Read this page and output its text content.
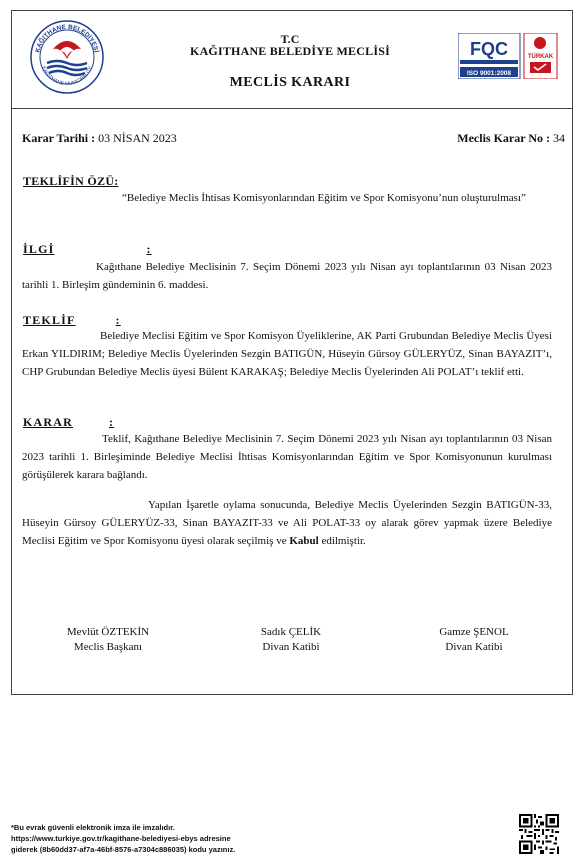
KAĞITHANE BELEDİYESİ
KAĞITHANE MUNICIPALITY
T.C
KAĞITHANE BELEDİYE MECLİSİ
MECLİS KARARI
FQC
ISO 9001:2008
TÜRKAK
Karar Tarihi : 03 NİSAN 2023	Meclis Karar No : 34
TEKLİFİN ÖZÜ:
“Belediye Meclis İhtisas Komisyonlarından Eğitim ve Spor Komisyonu’nun oluşturulması”
İLGİ	:
Kağıthane Belediye Meclisinin 7. Seçim Dönemi 2023 yılı Nisan ayı toplantılarının 03 Nisan 2023 tarihli 1. Birleşim gündeminin 6. maddesi.
TEKLİF	:
Belediye Meclisi Eğitim ve Spor Komisyon Üyeliklerine, AK Parti Grubundan Belediye Meclis Üyesi Erkan YILDIRIM; Belediye Meclis Üyelerinden Sezgin BATIGÜN, Hüseyin Gürsoy GÜLERYÜZ, Sinan BAYAZIT’ı, CHP Grubundan Belediye Meclis üyesi Bülent KARAKAŞ; Belediye Meclis Üyelerinden Ali POLAT’ı teklif etti.
KARAR	:
Teklif, Kağıthane Belediye Meclisinin 7. Seçim Dönemi 2023 yılı Nisan ayı toplantılarının 03 Nisan 2023 tarihli 1. Birleşiminde Belediye Meclisi İhtisas Komisyonlarından Eğitim ve Spor Komisyonunun kurulması görüşülerek karara bağlandı.
Yapılan İşaretle oylama sonucunda, Belediye Meclis Üyelerinden Sezgin BATIGÜN-33, Hüseyin Gürsoy GÜLERYÜZ-33, Sinan BAYAZIT-33 ve Ali POLAT-33 oy alarak görev yapmak üzere Belediye Meclisi Eğitim ve Spor Komisyonu üyesi olarak seçilmiş ve Kabul edilmiştir.
Mevlüt ÖZTEKİN
Meclis Başkanı
Sadık ÇELİK
Divan Katibi
Gamze ŞENOL
Divan Katibi
*Bu evrak güvenli elektronik imza ile imzalıdır.
https://www.turkiye.gov.tr/kagithane-belediyesi-ebys adresine
giderek (8b60dd37-af7a-46bf-8576-a7304c886035) kodu yazınız.
